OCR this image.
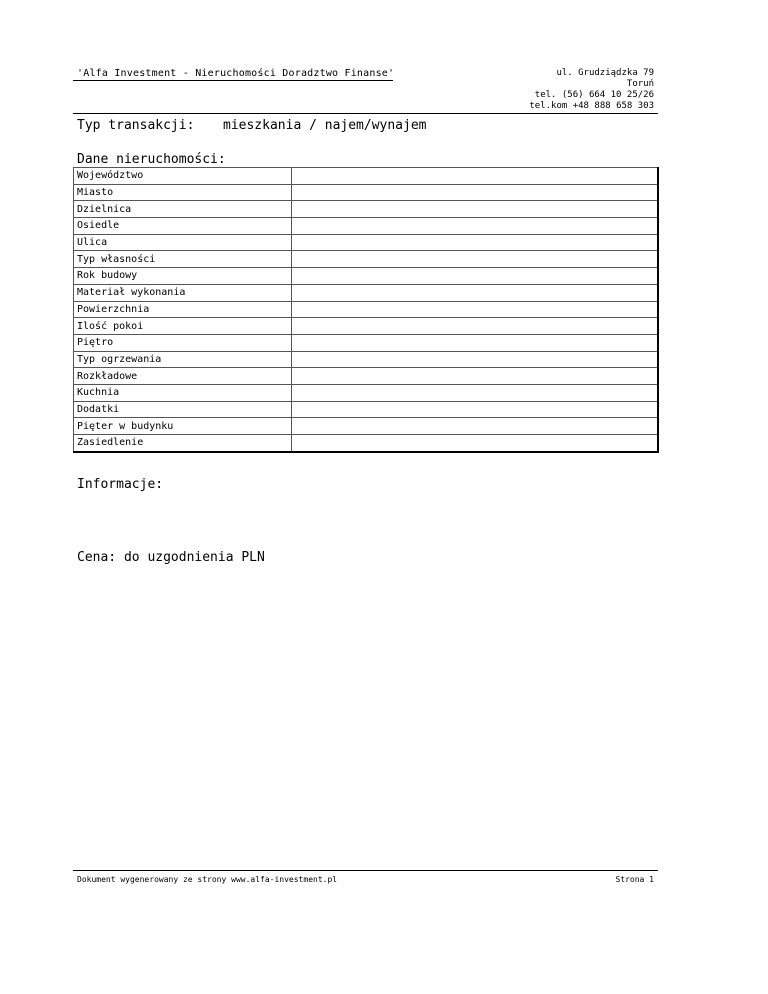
'Alfa Investment - Nieruchomości Doradztwo Finanse'	ul. Grudziądzka 79
Toruń
tel. (56) 664 10 25/26
tel.kom +48 888 658 303
Typ transakcji: mieszkania / najem/wynajem
Dane nieruchomości:
Województwo	
Miasto	
Dzielnica	
Osiedle	
Ulica	
Typ własności	
Rok budowy	
Materiał wykonania	
Powierzchnia	
Ilość pokoi	
Piętro	
Typ ogrzewania	
Rozkładowe	
Kuchnia	
Dodatki	
Pięter w budynku	
Zasiedlenie	
Informacje:
Cena: do uzgodnienia PLN
Dokument wygenerowany ze strony www.alfa-investment.pl	Strona 1
